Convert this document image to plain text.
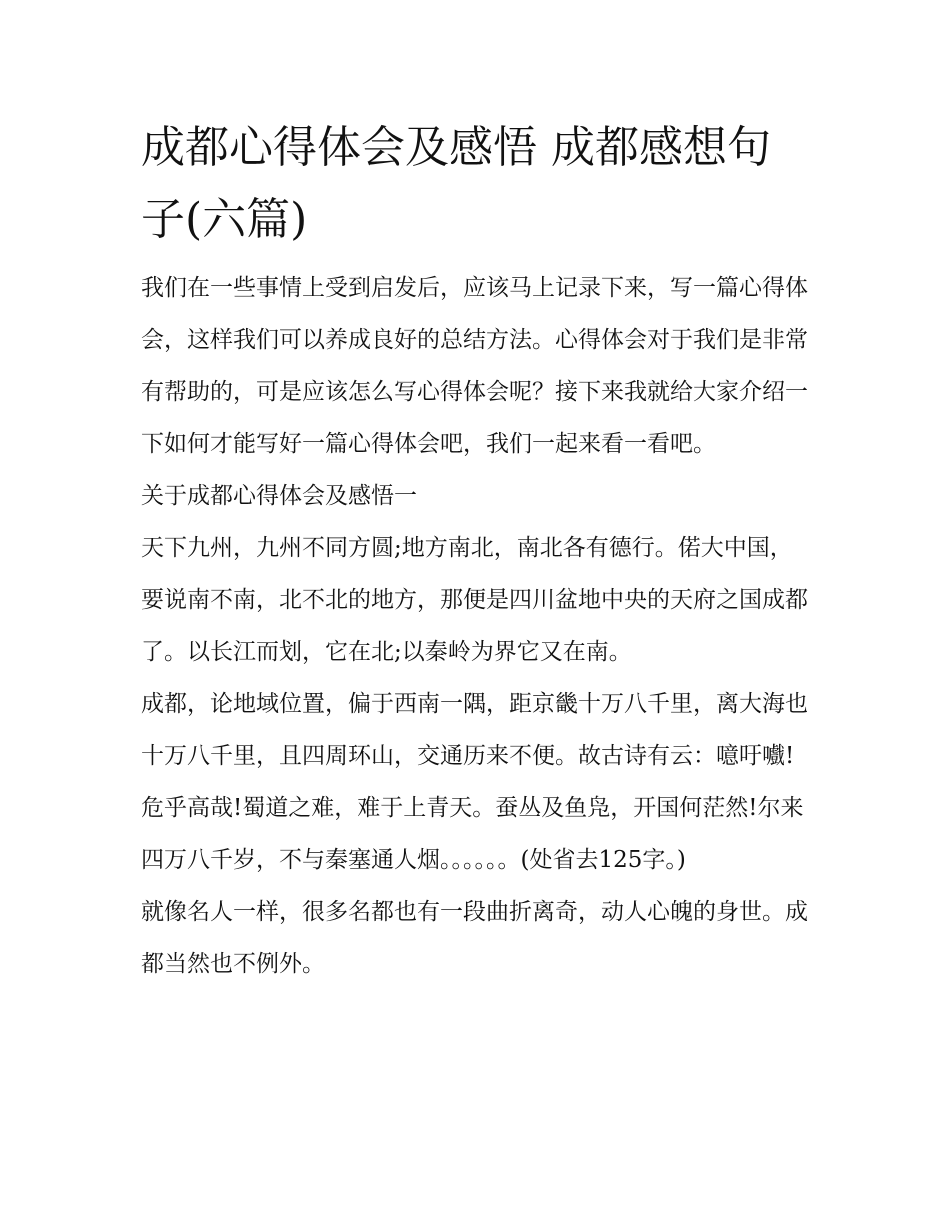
成都心得体会及感悟 成都感想句子(六篇)

我们在一些事情上受到启发后，应该马上记录下来，写一篇心得体会，这样我们可以养成良好的总结方法。心得体会对于我们是非常有帮助的，可是应该怎么写心得体会呢？接下来我就给大家介绍一下如何才能写好一篇心得体会吧，我们一起来看一看吧。

关于成都心得体会及感悟一

天下九州，九州不同方圆;地方南北，南北各有德行。偌大中国，要说南不南，北不北的地方，那便是四川盆地中央的天府之国成都了。以长江而划，它在北;以秦岭为界它又在南。

成都，论地域位置，偏于西南一隅，距京畿十万八千里，离大海也十万八千里，且四周环山，交通历来不便。故古诗有云：噫吁嚱!危乎高哉!蜀道之难，难于上青天。蚕丛及鱼凫，开国何茫然!尔来四万八千岁，不与秦塞通人烟。。。。。。(处省去125字。)

就像名人一样，很多名都也有一段曲折离奇，动人心魄的身世。成都当然也不例外。
